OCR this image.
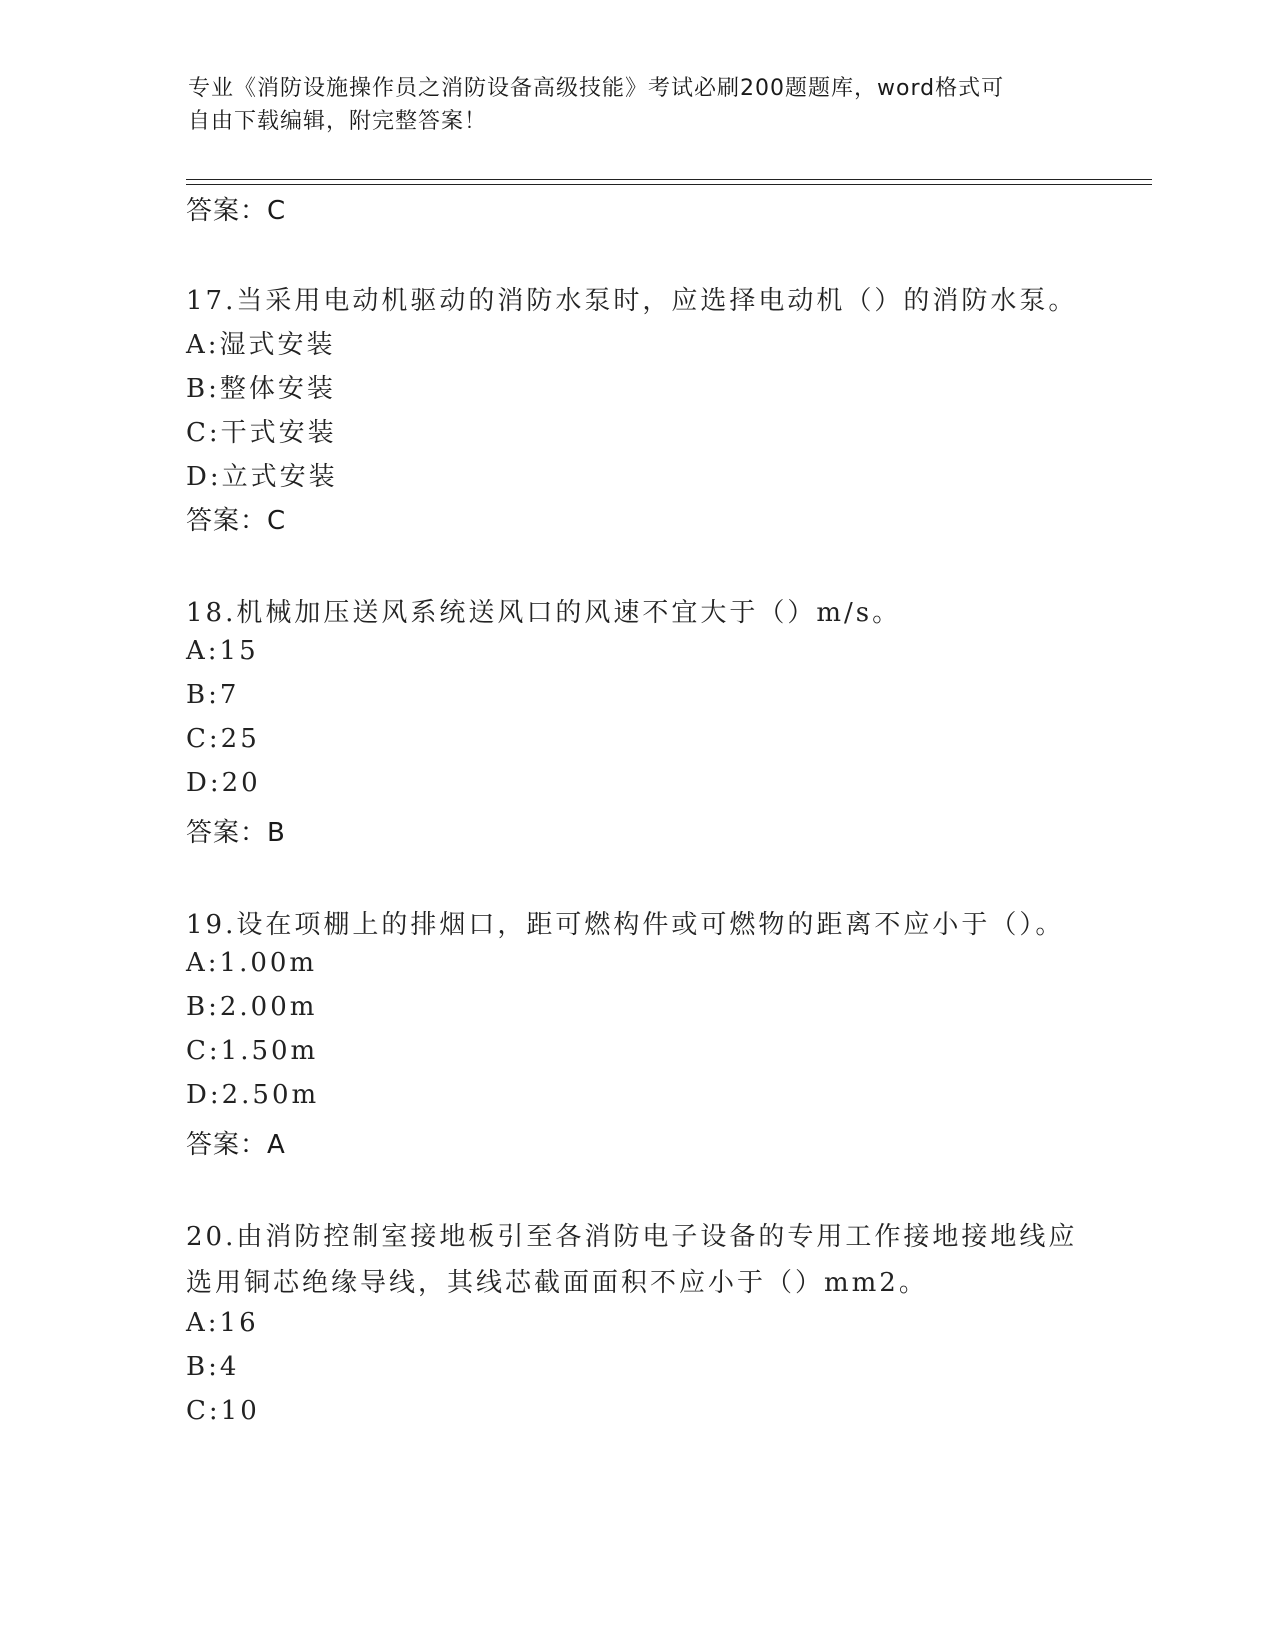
专业《消防设施操作员之消防设备高级技能》考试必刷200题题库，word格式可
自由下载编辑，附完整答案！
答案：C
17.当采用电动机驱动的消防水泵时，应选择电动机（）的消防水泵。
A:湿式安装
B:整体安装
C:干式安装
D:立式安装
答案：C
18.机械加压送风系统送风口的风速不宜大于（）m/s。
A:15
B:7
C:25
D:20
答案：B
19.设在项棚上的排烟口，距可燃构件或可燃物的距离不应小于（）。
A:1.00m
B:2.00m
C:1.50m
D:2.50m
答案：A
20.由消防控制室接地板引至各消防电子设备的专用工作接地接地线应
选用铜芯绝缘导线，其线芯截面面积不应小于（）mm2。
A:16
B:4
C:10
